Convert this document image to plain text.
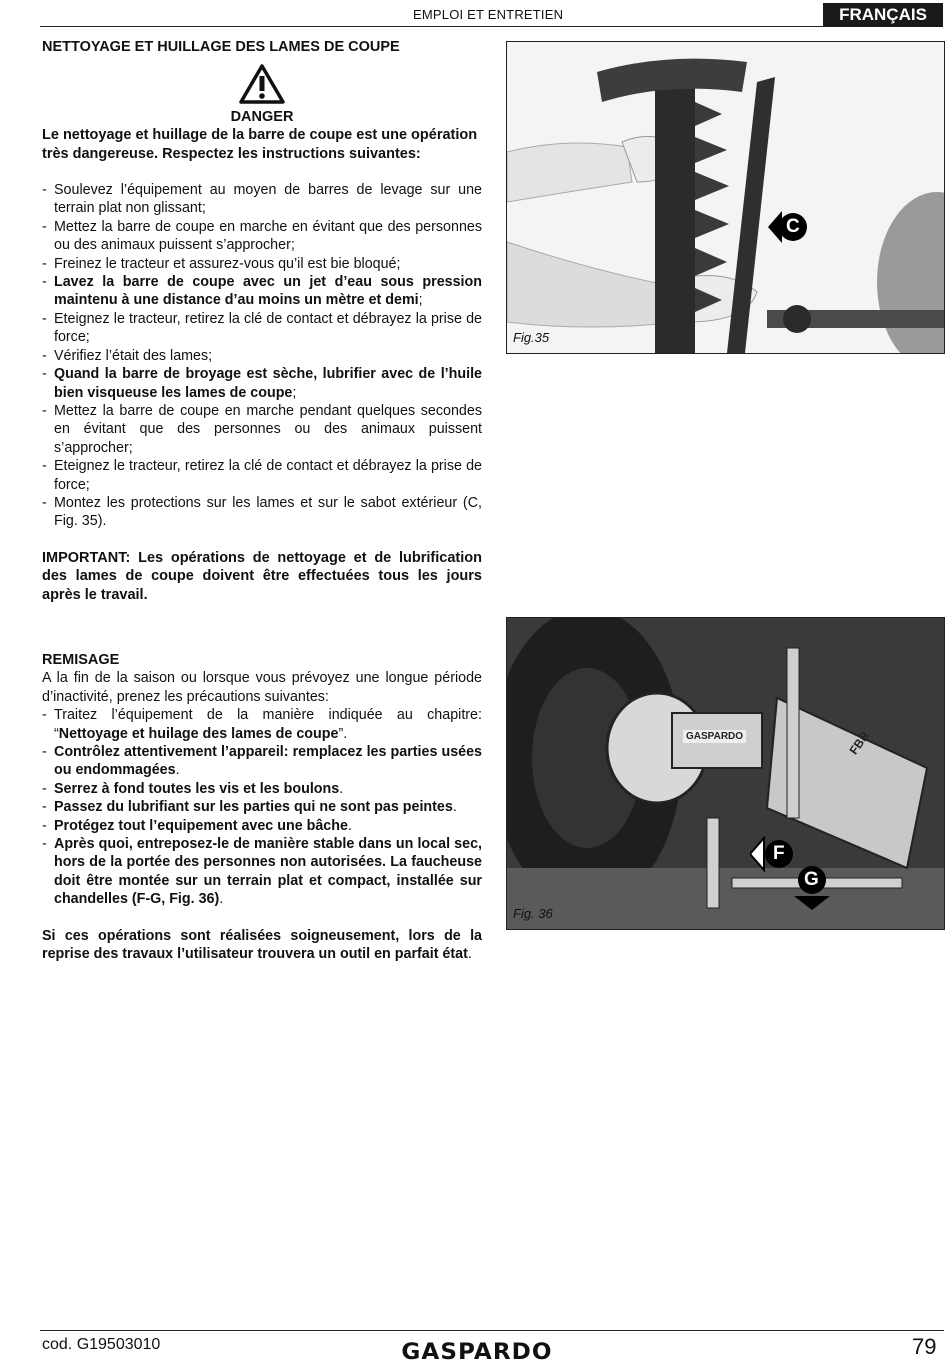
EMPLOI ET ENTRETIEN	FRANÇAIS
NETTOYAGE ET HUILLAGE DES LAMES DE COUPE
DANGER

Le nettoyage et huillage de la barre de coupe est une opération très dangereuse. Respectez les instructions suivantes:

- Soulevez l’équipement au moyen de barres de levage sur une terrain plat non glissant;
- Mettez la barre de coupe en marche en évitant que des personnes ou des animaux puissent s’approcher;
- Freinez le tracteur et assurez-vous qu’il est bie bloqué;
- Lavez la barre de coupe avec un jet d’eau sous pression maintenu à une distance d’au moins un mètre et demi;
- Eteignez le tracteur, retirez la clé de contact et débrayez la prise de force;
- Vérifiez l’était des lames;
- Quand la barre de broyage est sèche, lubrifier avec de l’huile bien visqueuse les lames de coupe;
- Mettez la barre de coupe en marche pendant quelques secondes en évitant que des personnes ou des animaux puissent s’approcher;
- Eteignez le tracteur, retirez la clé de contact et débrayez la prise de force;
- Montez les protections sur les lames et sur le sabot extérieur (C, Fig. 35).

IMPORTANT: Les opérations de nettoyage et de lubrification des lames de coupe doivent être effectuées tous les jours après le travail.

REMISAGE

A la fin de la saison ou lorsque vous prévoyez une longue période d’inactivité, prenez les précautions suivantes:

- Traitez l’équipement de la manière indiquée au chapitre: “Nettoyage et huilage des lames de coupe”.
- Contrôlez attentivement l’appareil: remplacez les parties usées ou endommagées.
- Serrez à fond toutes les vis et les boulons.
- Passez du lubrifiant sur les parties qui ne sont pas peintes.
- Protégez tout l’equipement avec une bâche.
- Après quoi, entreposez-le de manière stable dans un local sec, hors de la portée des personnes non autorisées. La faucheuse doit être montée sur un terrain plat et compact, installée sur chandelles (F-G, Fig. 36).

Si ces opérations sont réalisées soigneusement, lors de la reprise des travaux l’utilisateur trouvera un outil en parfait état.

C
Fig.35
GASPARDO	FBR
F
G
Fig. 36
cod. G19503010	GASPARDO	79
